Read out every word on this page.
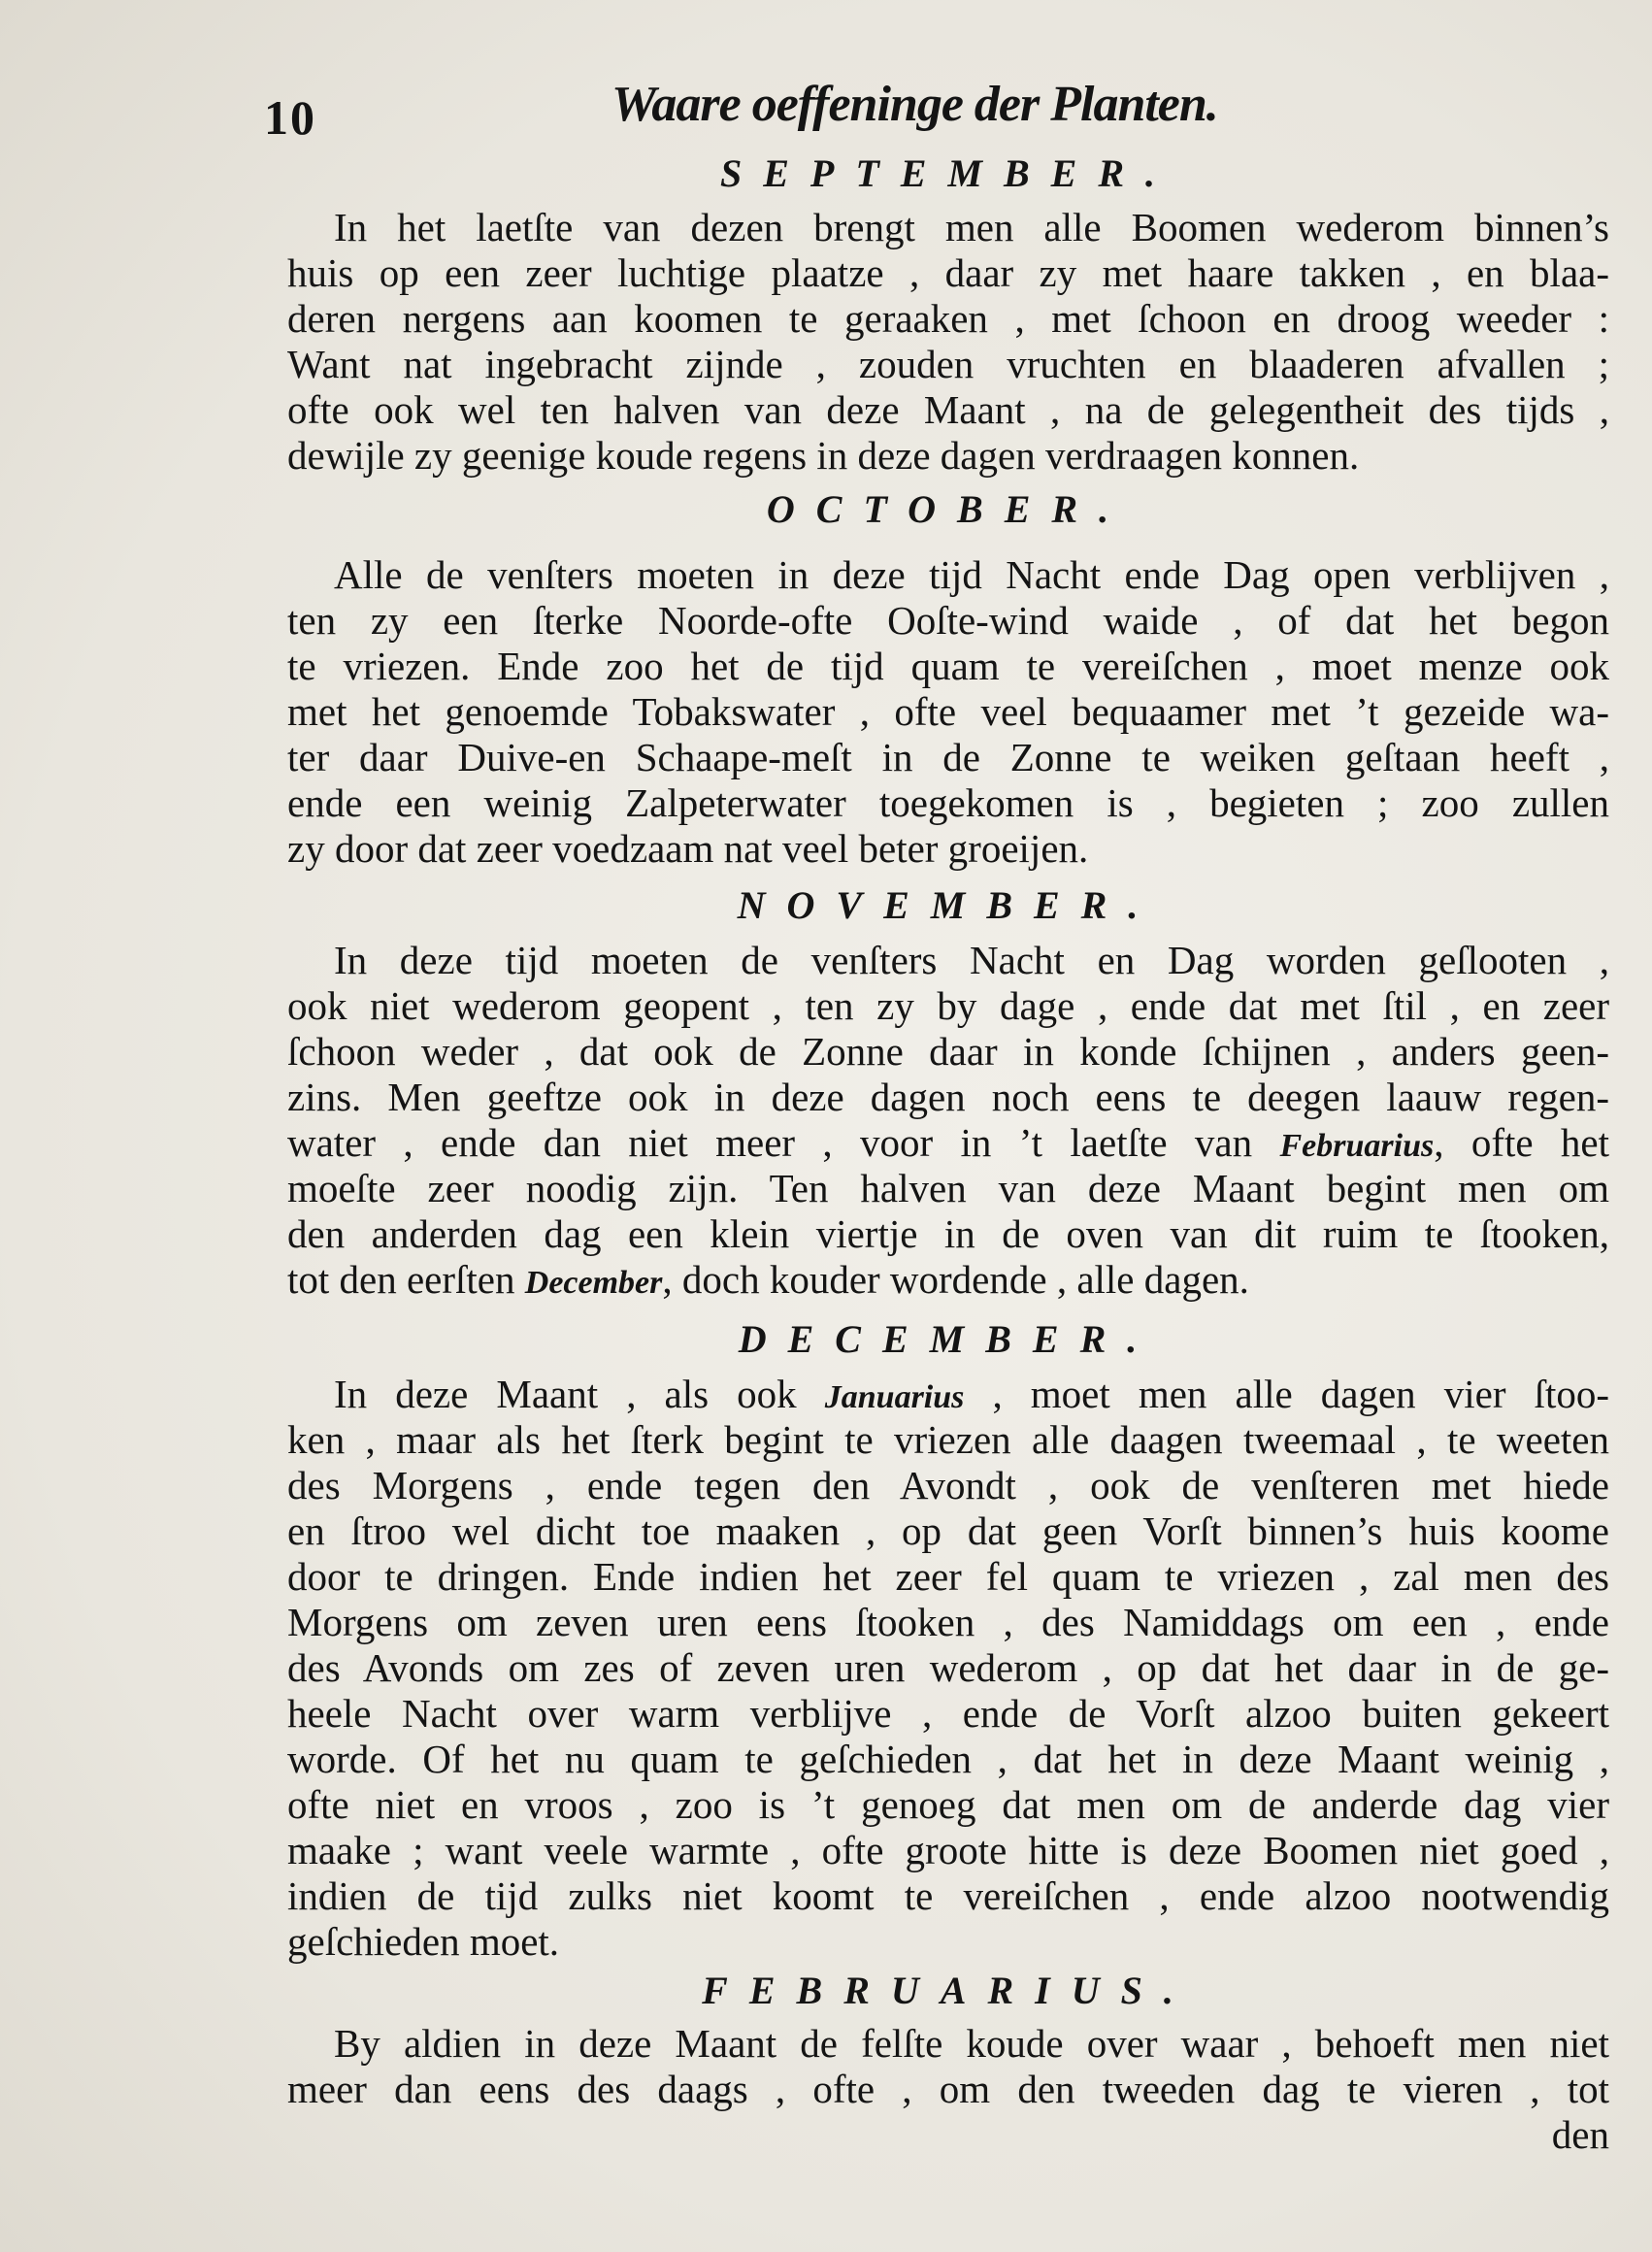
10	Waare oeffeninge der Planten.
SEPTEMBER.
In het laetſte van dezen brengt men alle Boomen wederom binnen’s
huis op een zeer luchtige plaatze , daar zy met haare takken , en blaa-
deren nergens aan koomen te geraaken , met ſchoon en droog weeder :
Want nat ingebracht zijnde , zouden vruchten en blaaderen afvallen ;
ofte ook wel ten halven van deze Maant , na de gelegentheit des tijds ,
dewijle zy geenige koude regens in deze dagen verdraagen konnen.
OCTOBER.
Alle de venſters moeten in deze tijd Nacht ende Dag open verblijven ,
ten zy een ſterke Noorde-ofte Ooſte-wind waide , of dat het begon
te vriezen. Ende zoo het de tijd quam te vereiſchen , moet menze ook
met het genoemde Tobakswater , ofte veel bequaamer met ’t gezeide wa-
ter daar Duive-en Schaape-meſt in de Zonne te weiken geſtaan heeft ,
ende een weinig Zalpeterwater toegekomen is , begieten ; zoo zullen
zy door dat zeer voedzaam nat veel beter groeijen.
NOVEMBER.
In deze tijd moeten de venſters Nacht en Dag worden geſlooten ,
ook niet wederom geopent , ten zy by dage , ende dat met ſtil , en zeer
ſchoon weder , dat ook de Zonne daar in konde ſchijnen , anders geen-
zins. Men geeftze ook in deze dagen noch eens te deegen laauw regen-
water , ende dan niet meer , voor in ’t laetſte van Februarius, ofte het
moeſte zeer noodig zijn. Ten halven van deze Maant begint men om
den anderden dag een klein viertje in de oven van dit ruim te ſtooken,
tot den eerſten December, doch kouder wordende , alle dagen.
DECEMBER.
In deze Maant , als ook Januarius , moet men alle dagen vier ſtoo-
ken , maar als het ſterk begint te vriezen alle daagen tweemaal , te weeten
des Morgens , ende tegen den Avondt , ook de venſteren met hiede
en ſtroo wel dicht toe maaken , op dat geen Vorſt binnen’s huis koome
door te dringen. Ende indien het zeer fel quam te vriezen , zal men des
Morgens om zeven uren eens ſtooken , des Namiddags om een , ende
des Avonds om zes of zeven uren wederom , op dat het daar in de ge-
heele Nacht over warm verblijve , ende de Vorſt alzoo buiten gekeert
worde. Of het nu quam te geſchieden , dat het in deze Maant weinig ,
ofte niet en vroos , zoo is ’t genoeg dat men om de anderde dag vier
maake ; want veele warmte , ofte groote hitte is deze Boomen niet goed ,
indien de tijd zulks niet koomt te vereiſchen , ende alzoo nootwendig
geſchieden moet.
FEBRUARIUS.
By aldien in deze Maant de felſte koude over waar , behoeft men niet
meer dan eens des daags , ofte , om den tweeden dag te vieren , tot
den
